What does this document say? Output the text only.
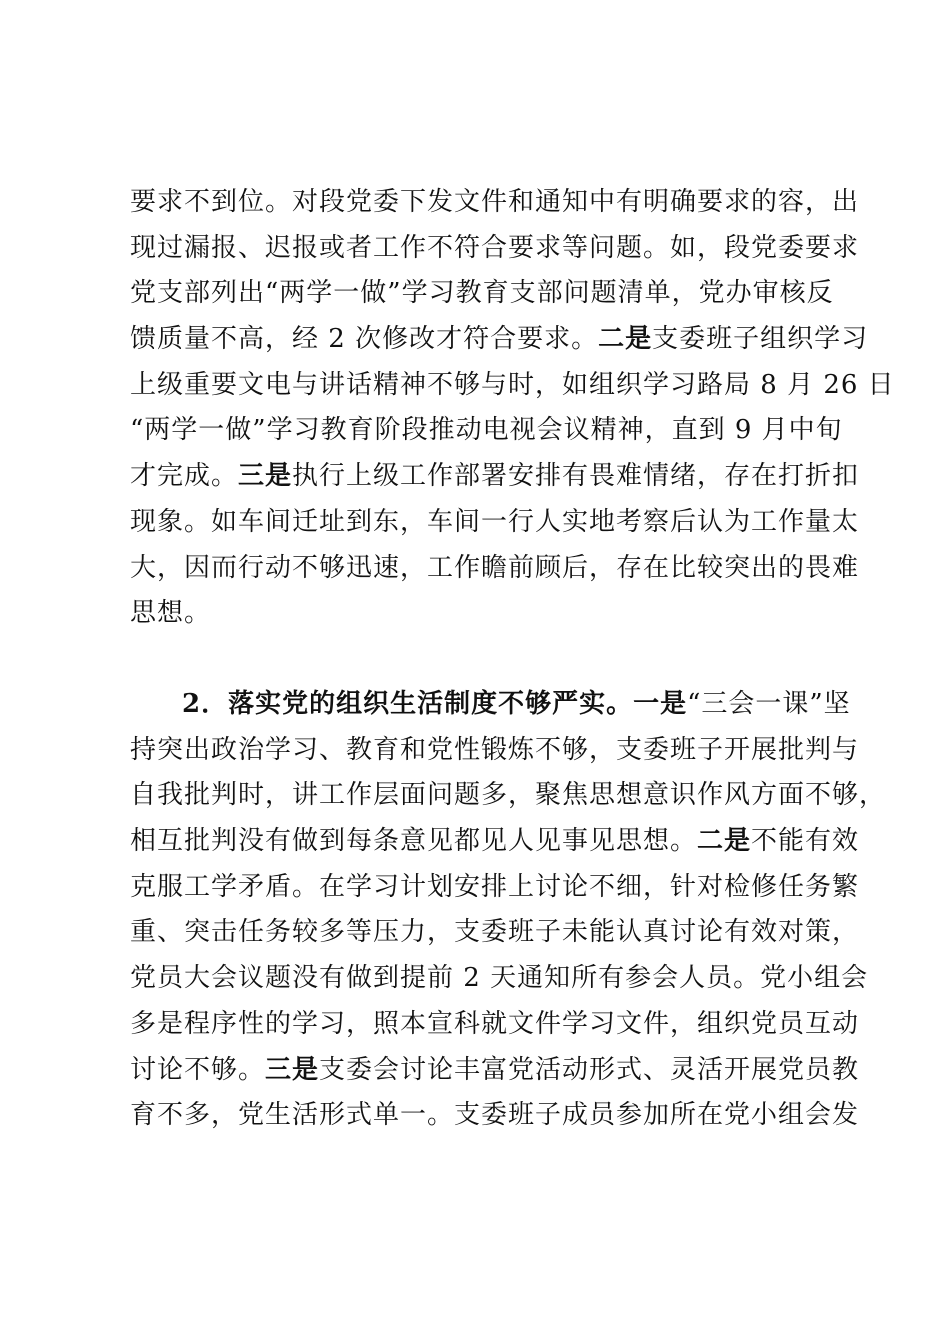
要求不到位。对段党委下发文件和通知中有明确要求的容，出
现过漏报、迟报或者工作不符合要求等问题。如，段党委要求
党支部列出“两学一做”学习教育支部问题清单，党办审核反
馈质量不高，经 2 次修改才符合要求。二是支委班子组织学习
上级重要文电与讲话精神不够与时，如组织学习路局 8 月 26 日
“两学一做”学习教育阶段推动电视会议精神，直到 9 月中旬
才完成。三是执行上级工作部署安排有畏难情绪，存在打折扣
现象。如车间迁址到东，车间一行人实地考察后认为工作量太
大，因而行动不够迅速，工作瞻前顾后，存在比较突出的畏难
思想。
2．落实党的组织生活制度不够严实。一是“三会一课”坚
持突出政治学习、教育和党性锻炼不够，支委班子开展批判与
自我批判时，讲工作层面问题多，聚焦思想意识作风方面不够，
相互批判没有做到每条意见都见人见事见思想。二是不能有效
克服工学矛盾。在学习计划安排上讨论不细，针对检修任务繁
重、突击任务较多等压力，支委班子未能认真讨论有效对策，
党员大会议题没有做到提前 2 天通知所有参会人员。党小组会
多是程序性的学习，照本宣科就文件学习文件，组织党员互动
讨论不够。三是支委会讨论丰富党活动形式、灵活开展党员教
育不多，党生活形式单一。支委班子成员参加所在党小组会发
